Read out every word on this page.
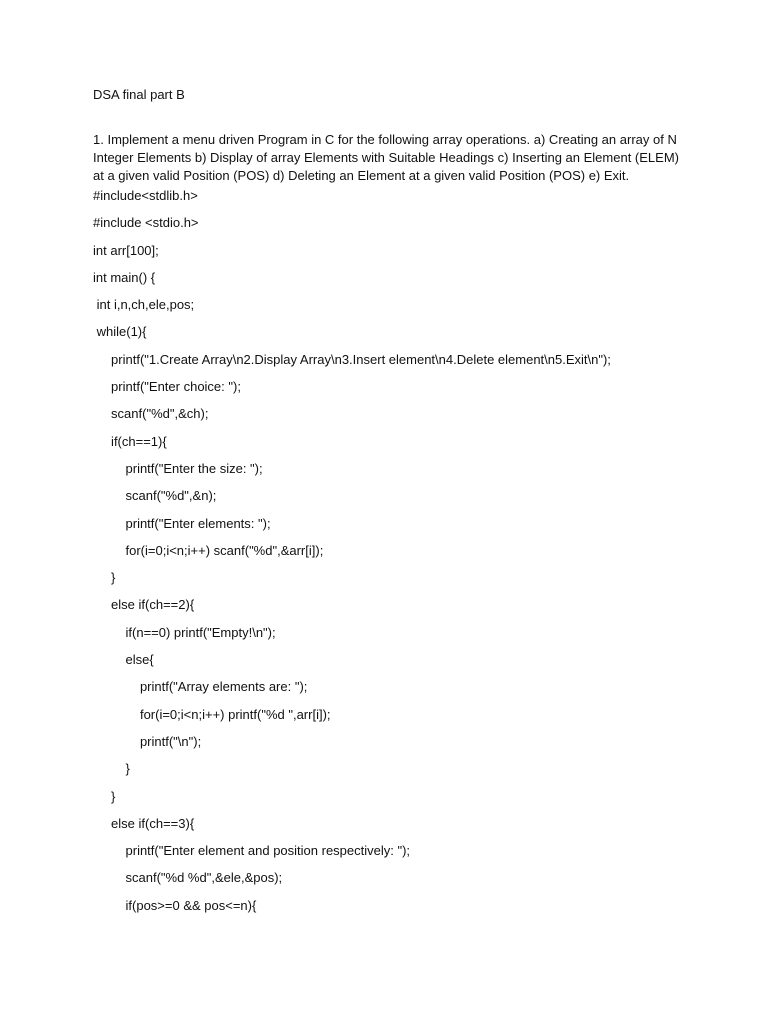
DSA final part B

1. Implement a menu driven Program in C for the following array operations. a) Creating an array of N Integer Elements b) Display of array Elements with Suitable Headings c) Inserting an Element (ELEM) at a given valid Position (POS) d) Deleting an Element at a given valid Position (POS) e) Exit.

#include<stdlib.h>
#include <stdio.h>
int arr[100];
int main() {
int i,n,ch,ele,pos;
while(1){
printf("1.Create Array\n2.Display Array\n3.Insert element\n4.Delete element\n5.Exit\n");
printf("Enter choice: ");
scanf("%d",&ch);
if(ch==1){
printf("Enter the size: ");
scanf("%d",&n);
printf("Enter elements: ");
for(i=0;i<n;i++) scanf("%d",&arr[i]);
}
else if(ch==2){
if(n==0) printf("Empty!\n");
else{
printf("Array elements are: ");
for(i=0;i<n;i++) printf("%d ",arr[i]);
printf("\n");
}
}
else if(ch==3){
printf("Enter element and position respectively: ");
scanf("%d %d",&ele,&pos);
if(pos>=0 && pos<=n){
